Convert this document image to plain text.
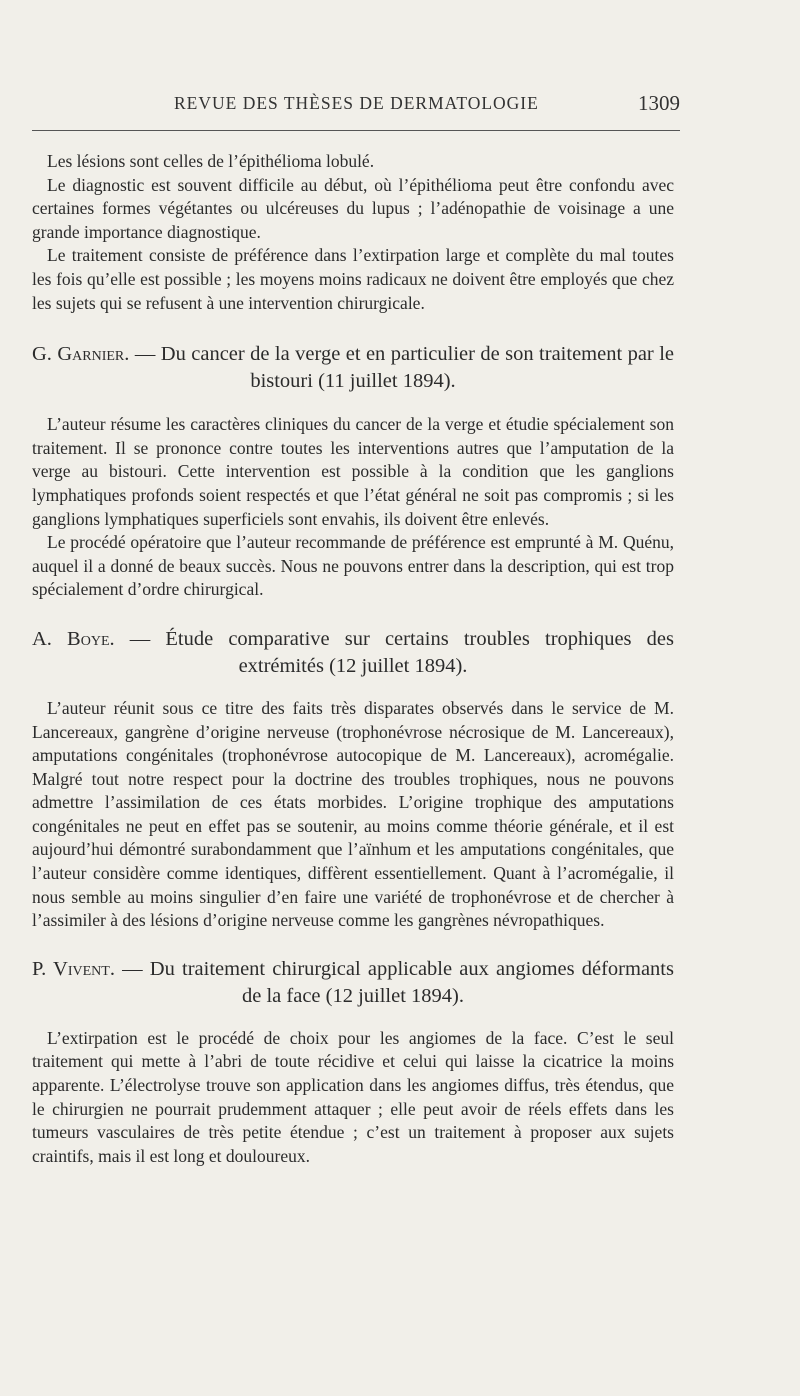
REVUE DES THÈSES DE DERMATOLOGIE	1309

Les lésions sont celles de l’épithélioma lobulé.

Le diagnostic est souvent difficile au début, où l’épithélioma peut être confondu avec certaines formes végétantes ou ulcéreuses du lupus ; l’adénopathie de voisinage a une grande importance diagnostique.

Le traitement consiste de préférence dans l’extirpation large et complète du mal toutes les fois qu’elle est possible ; les moyens moins radicaux ne doivent être employés que chez les sujets qui se refusent à une intervention chirurgicale.

G. Garnier. — Du cancer de la verge et en particulier de son traitement par le bistouri (11 juillet 1894).

L’auteur résume les caractères cliniques du cancer de la verge et étudie spécialement son traitement. Il se prononce contre toutes les interventions autres que l’amputation de la verge au bistouri. Cette intervention est possible à la condition que les ganglions lymphatiques profonds soient respectés et que l’état général ne soit pas compromis ; si les ganglions lymphatiques superficiels sont envahis, ils doivent être enlevés.

Le procédé opératoire que l’auteur recommande de préférence est emprunté à M. Quénu, auquel il a donné de beaux succès. Nous ne pouvons entrer dans la description, qui est trop spécialement d’ordre chirurgical.

A. Boye. — Étude comparative sur certains troubles trophiques des extrémités (12 juillet 1894).

L’auteur réunit sous ce titre des faits très disparates observés dans le service de M. Lancereaux, gangrène d’origine nerveuse (trophonévrose nécrosique de M. Lancereaux), amputations congénitales (trophonévrose autocopique de M. Lancereaux), acromégalie. Malgré tout notre respect pour la doctrine des troubles trophiques, nous ne pouvons admettre l’assimilation de ces états morbides. L’origine trophique des amputations congénitales ne peut en effet pas se soutenir, au moins comme théorie générale, et il est aujourd’hui démontré surabondamment que l’aïnhum et les amputations congénitales, que l’auteur considère comme identiques, diffèrent essentiellement. Quant à l’acromégalie, il nous semble au moins singulier d’en faire une variété de trophonévrose et de chercher à l’assimiler à des lésions d’origine nerveuse comme les gangrènes névropathiques.

P. Vivent. — Du traitement chirurgical applicable aux angiomes déformants de la face (12 juillet 1894).

L’extirpation est le procédé de choix pour les angiomes de la face. C’est le seul traitement qui mette à l’abri de toute récidive et celui qui laisse la cicatrice la moins apparente. L’électrolyse trouve son application dans les angiomes diffus, très étendus, que le chirurgien ne pourrait prudemment attaquer ; elle peut avoir de réels effets dans les tumeurs vasculaires de très petite étendue ; c’est un traitement à proposer aux sujets craintifs, mais il est long et douloureux.
